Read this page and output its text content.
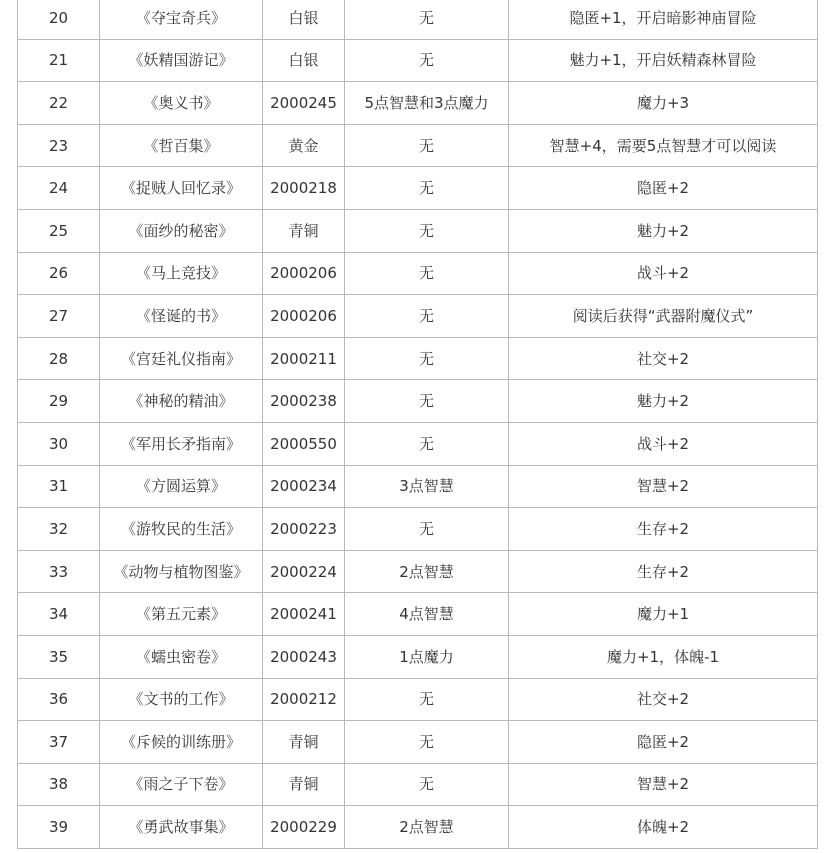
20	《夺宝奇兵》	白银	无	隐匿+1，开启暗影神庙冒险
21	《妖精国游记》	白银	无	魅力+1，开启妖精森林冒险
22	《奥义书》	2000245	5点智慧和3点魔力	魔力+3
23	《哲百集》	黄金	无	智慧+4，需要5点智慧才可以阅读
24	《捉贼人回忆录》	2000218	无	隐匿+2
25	《面纱的秘密》	青铜	无	魅力+2
26	《马上竞技》	2000206	无	战斗+2
27	《怪诞的书》	2000206	无	阅读后获得“武器附魔仪式”
28	《宫廷礼仪指南》	2000211	无	社交+2
29	《神秘的精油》	2000238	无	魅力+2
30	《军用长矛指南》	2000550	无	战斗+2
31	《方圆运算》	2000234	3点智慧	智慧+2
32	《游牧民的生活》	2000223	无	生存+2
33	《动物与植物图鉴》	2000224	2点智慧	生存+2
34	《第五元素》	2000241	4点智慧	魔力+1
35	《蠕虫密卷》	2000243	1点魔力	魔力+1，体魄-1
36	《文书的工作》	2000212	无	社交+2
37	《斥候的训练册》	青铜	无	隐匿+2
38	《雨之子下卷》	青铜	无	智慧+2
39	《勇武故事集》	2000229	2点智慧	体魄+2
